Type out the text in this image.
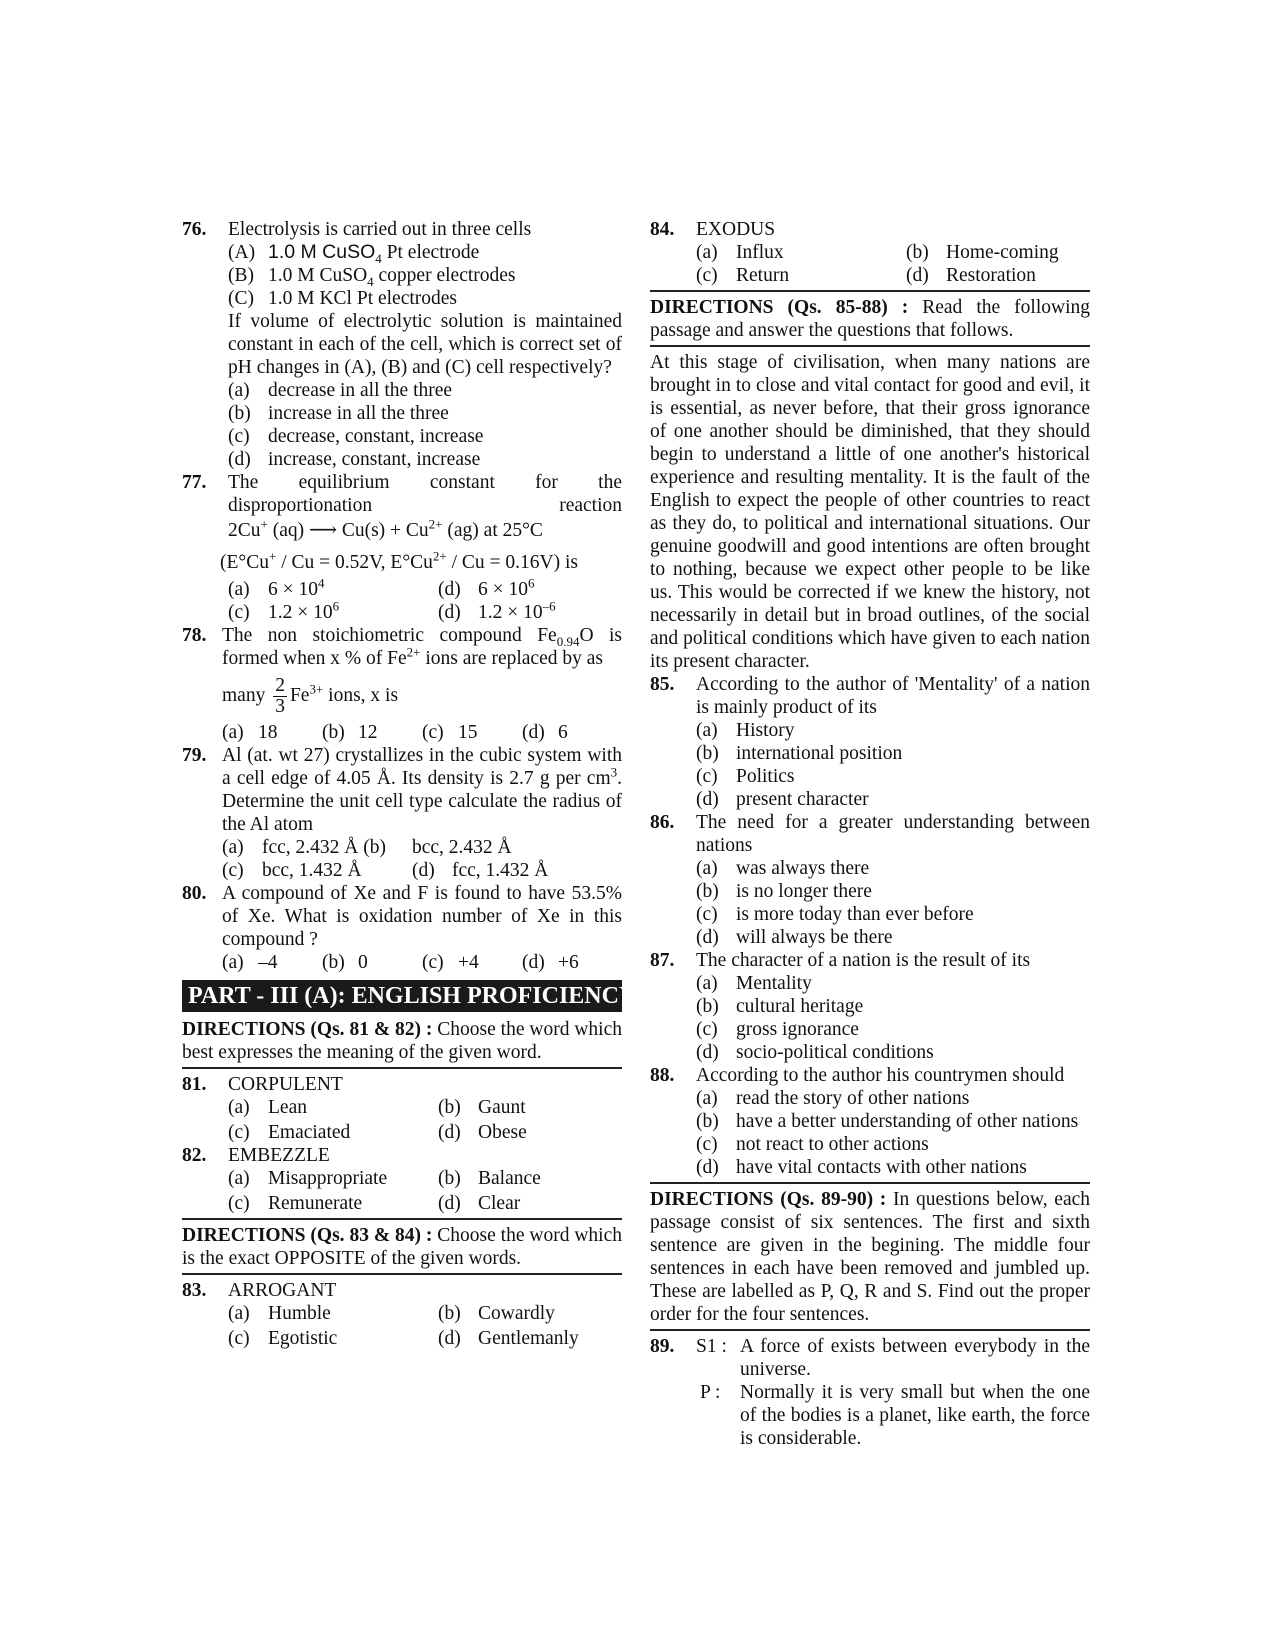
76. Electrolysis is carried out in three cells
(A) 1.0 M CuSO$_4$ Pt electrode
(B) 1.0 M CuSO$_4$ copper electrodes
(C) 1.0 M KCl Pt electrodes
If volume of electrolytic solution is maintained constant in each of the cell, which is correct set of pH changes in (A), (B) and (C) cell respectively?
(a) decrease in all the three
(b) increase in all the three
(c) decrease, constant, increase
(d) increase, constant, increase
77. The equilibrium constant for the disproportionation reaction
2Cu+ (aq) ⟶ $Cu(s) + Cu^{2+}$ (ag) at 25°C
(E°Cu+ / Cu = 0.52V, $E^\circ Cu^{2+} / Cu = 0.16V$) is
(a) $6 \times 10^4$	(d) $6 \times 10^6$
(c) $1.2 \times 10^6$	(d) $1.2 \times 10^{-6}$
78. The non stoichiometric compound $Fe_{0.94}O$ is formed when x % of $Fe^{2+}$ ions are replaced by as
many $\frac{2}{3} Fe^{3+}$ ions, x is
(a) 18 (b) 12 (c) 15 (d) 6
79. Al (at. wt 27) crystallizes in the cubic system with a cell edge of 4.05 Å. Its density is 2.7 g per $cm^3$. Determine the unit cell type calculate the radius of the Al atom
(a) fcc, 2.432 Å (b) bcc, 2.432 Å
(c) bcc, 1.432 Å	(d) fcc, 1.432 Å
80. A compound of Xe and F is found to have 53.5% of Xe. What is oxidation number of Xe in this compound ?
(a) –4 (b) 0	(c) +4 (d) +6
PART - III (A): ENGLISH PROFICIENCY
DIRECTIONS (Qs. 81 & 82) : Choose the word which best expresses the meaning of the given word.
81. CORPULENT
(a) Lean	(b) Gaunt
(c) Emaciated	(d) Obese
82. EMBEZZLE
(a) Misappropriate	(b) Balance
(c) Remunerate	(d) Clear
DIRECTIONS (Qs. 83 & 84) : Choose the word which is the exact OPPOSITE of the given words.
83. ARROGANT
(a) Humble	(b) Cowardly
(c) Egotistic	(d) Gentlemanly
84. EXODUS
(a) Influx	(b) Home-coming
(c) Return	(d) Restoration
DIRECTIONS (Qs. 85-88) : Read the following passage and answer the questions that follows.
At this stage of civilisation, when many nations are brought in to close and vital contact for good and evil, it is essential, as never before, that their gross ignorance of one another should be diminished, that they should begin to understand a little of one another's historical experience and resulting mentality. It is the fault of the English to expect the people of other countries to react as they do, to political and international situations. Our genuine goodwill and good intentions are often brought to nothing, because we expect other people to be like us. This would be corrected if we knew the history, not necessarily in detail but in broad outlines, of the social and political conditions which have given to each nation its present character.
85. According to the author of 'Mentality' of a nation is mainly product of its
(a) History
(b) international position
(c) Politics
(d) present character
86. The need for a greater understanding between nations
(a) was always there
(b) is no longer there
(c) is more today than ever before
(d) will always be there
87. The character of a nation is the result of its
(a) Mentality
(b) cultural heritage
(c) gross ignorance
(d) socio-political conditions
88. According to the author his countrymen should
(a) read the story of other nations
(b) have a better understanding of other nations
(c) not react to other actions
(d) have vital contacts with other nations
DIRECTIONS (Qs. 89-90) : In questions below, each passage consist of six sentences. The first and sixth sentence are given in the begining. The middle four sentences in each have been removed and jumbled up. These are labelled as P, Q, R and S. Find out the proper order for the four sentences.
89. S1 : A force of exists between everybody in the universe.
P :	Normally it is very small but when the one of the bodies is a planet, like earth, the force is considerable.
